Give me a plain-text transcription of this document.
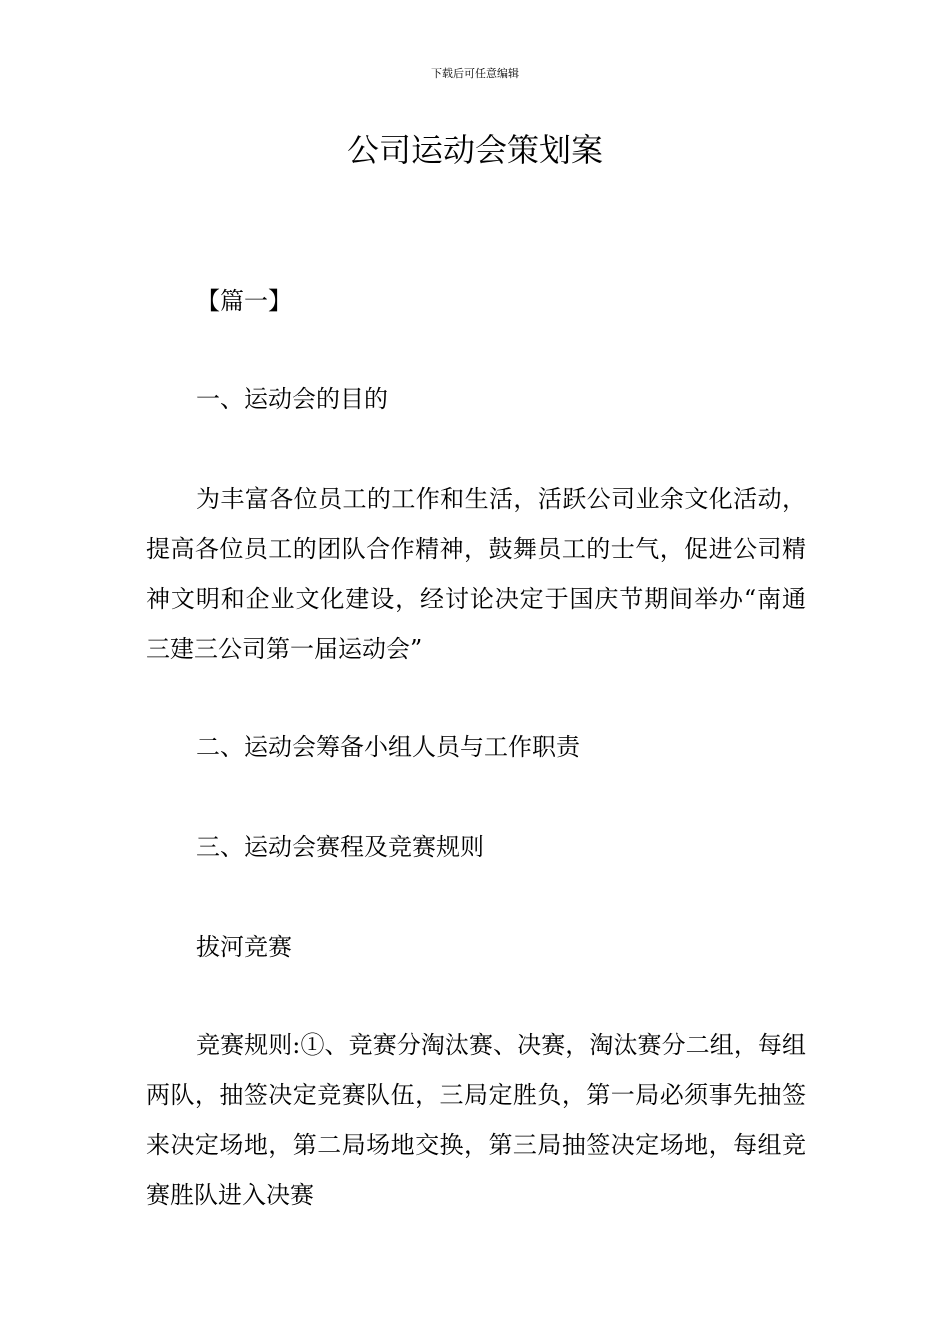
下载后可任意编辑
公司运动会策划案

【篇一】

一、运动会的目的

为丰富各位员工的工作和生活，活跃公司业余文化活动，提高各位员工的团队合作精神，鼓舞员工的士气，促进公司精神文明和企业文化建设，经讨论决定于国庆节期间举办“南通三建三公司第一届运动会”

二、运动会筹备小组人员与工作职责

三、运动会赛程及竞赛规则

拔河竞赛

竞赛规则:①、竞赛分淘汰赛、决赛，淘汰赛分二组，每组两队，抽签决定竞赛队伍，三局定胜负，第一局必须事先抽签来决定场地，第二局场地交换，第三局抽签决定场地，每组竞赛胜队进入决赛
